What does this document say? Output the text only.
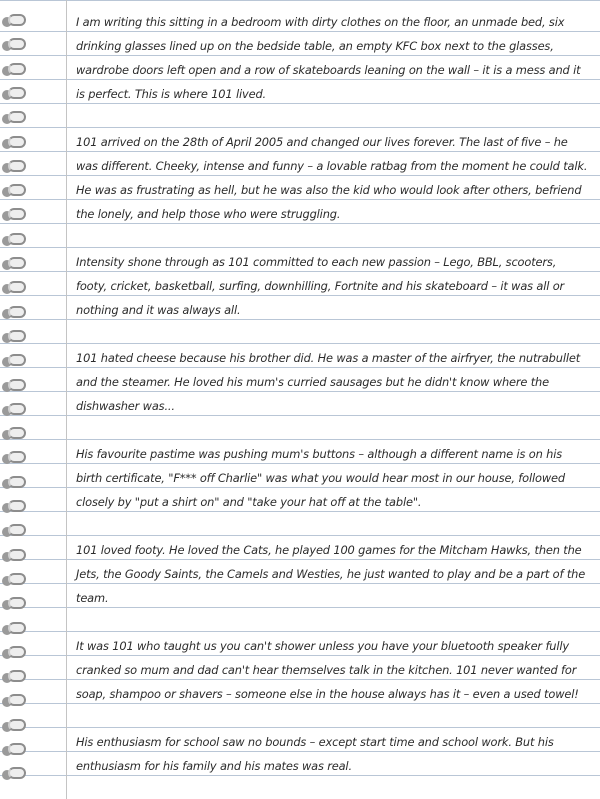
I am writing this sitting in a bedroom with dirty clothes on the floor, an unmade bed, six drinking glasses lined up on the bedside table, an empty KFC box next to the glasses, wardrobe doors left open and a row of skateboards leaning on the wall – it is a mess and it is perfect. This is where 101 lived.

101 arrived on the 28th of April 2005 and changed our lives forever. The last of five – he was different. Cheeky, intense and funny – a lovable ratbag from the moment he could talk. He was as frustrating as hell, but he was also the kid who would look after others, befriend the lonely, and help those who were struggling.

Intensity shone through as 101 committed to each new passion – Lego, BBL, scooters, footy, cricket, basketball, surfing, downhilling, Fortnite and his skateboard – it was all or nothing and it was always all.

101 hated cheese because his brother did. He was a master of the airfryer, the nutrabullet and the steamer. He loved his mum's curried sausages but he didn't know where the dishwasher was...

His favourite pastime was pushing mum's buttons – although a different name is on his birth certificate, "F*** off Charlie" was what you would hear most in our house, followed closely by "put a shirt on" and "take your hat off at the table".

101 loved footy. He loved the Cats, he played 100 games for the Mitcham Hawks, then the Jets, the Goody Saints, the Camels and Westies, he just wanted to play and be a part of the team.

It was 101 who taught us you can't shower unless you have your bluetooth speaker fully cranked so mum and dad can't hear themselves talk in the kitchen. 101 never wanted for soap, shampoo or shavers – someone else in the house always has it – even a used towel!

His enthusiasm for school saw no bounds – except start time and school work. But his enthusiasm for his family and his mates was real.
